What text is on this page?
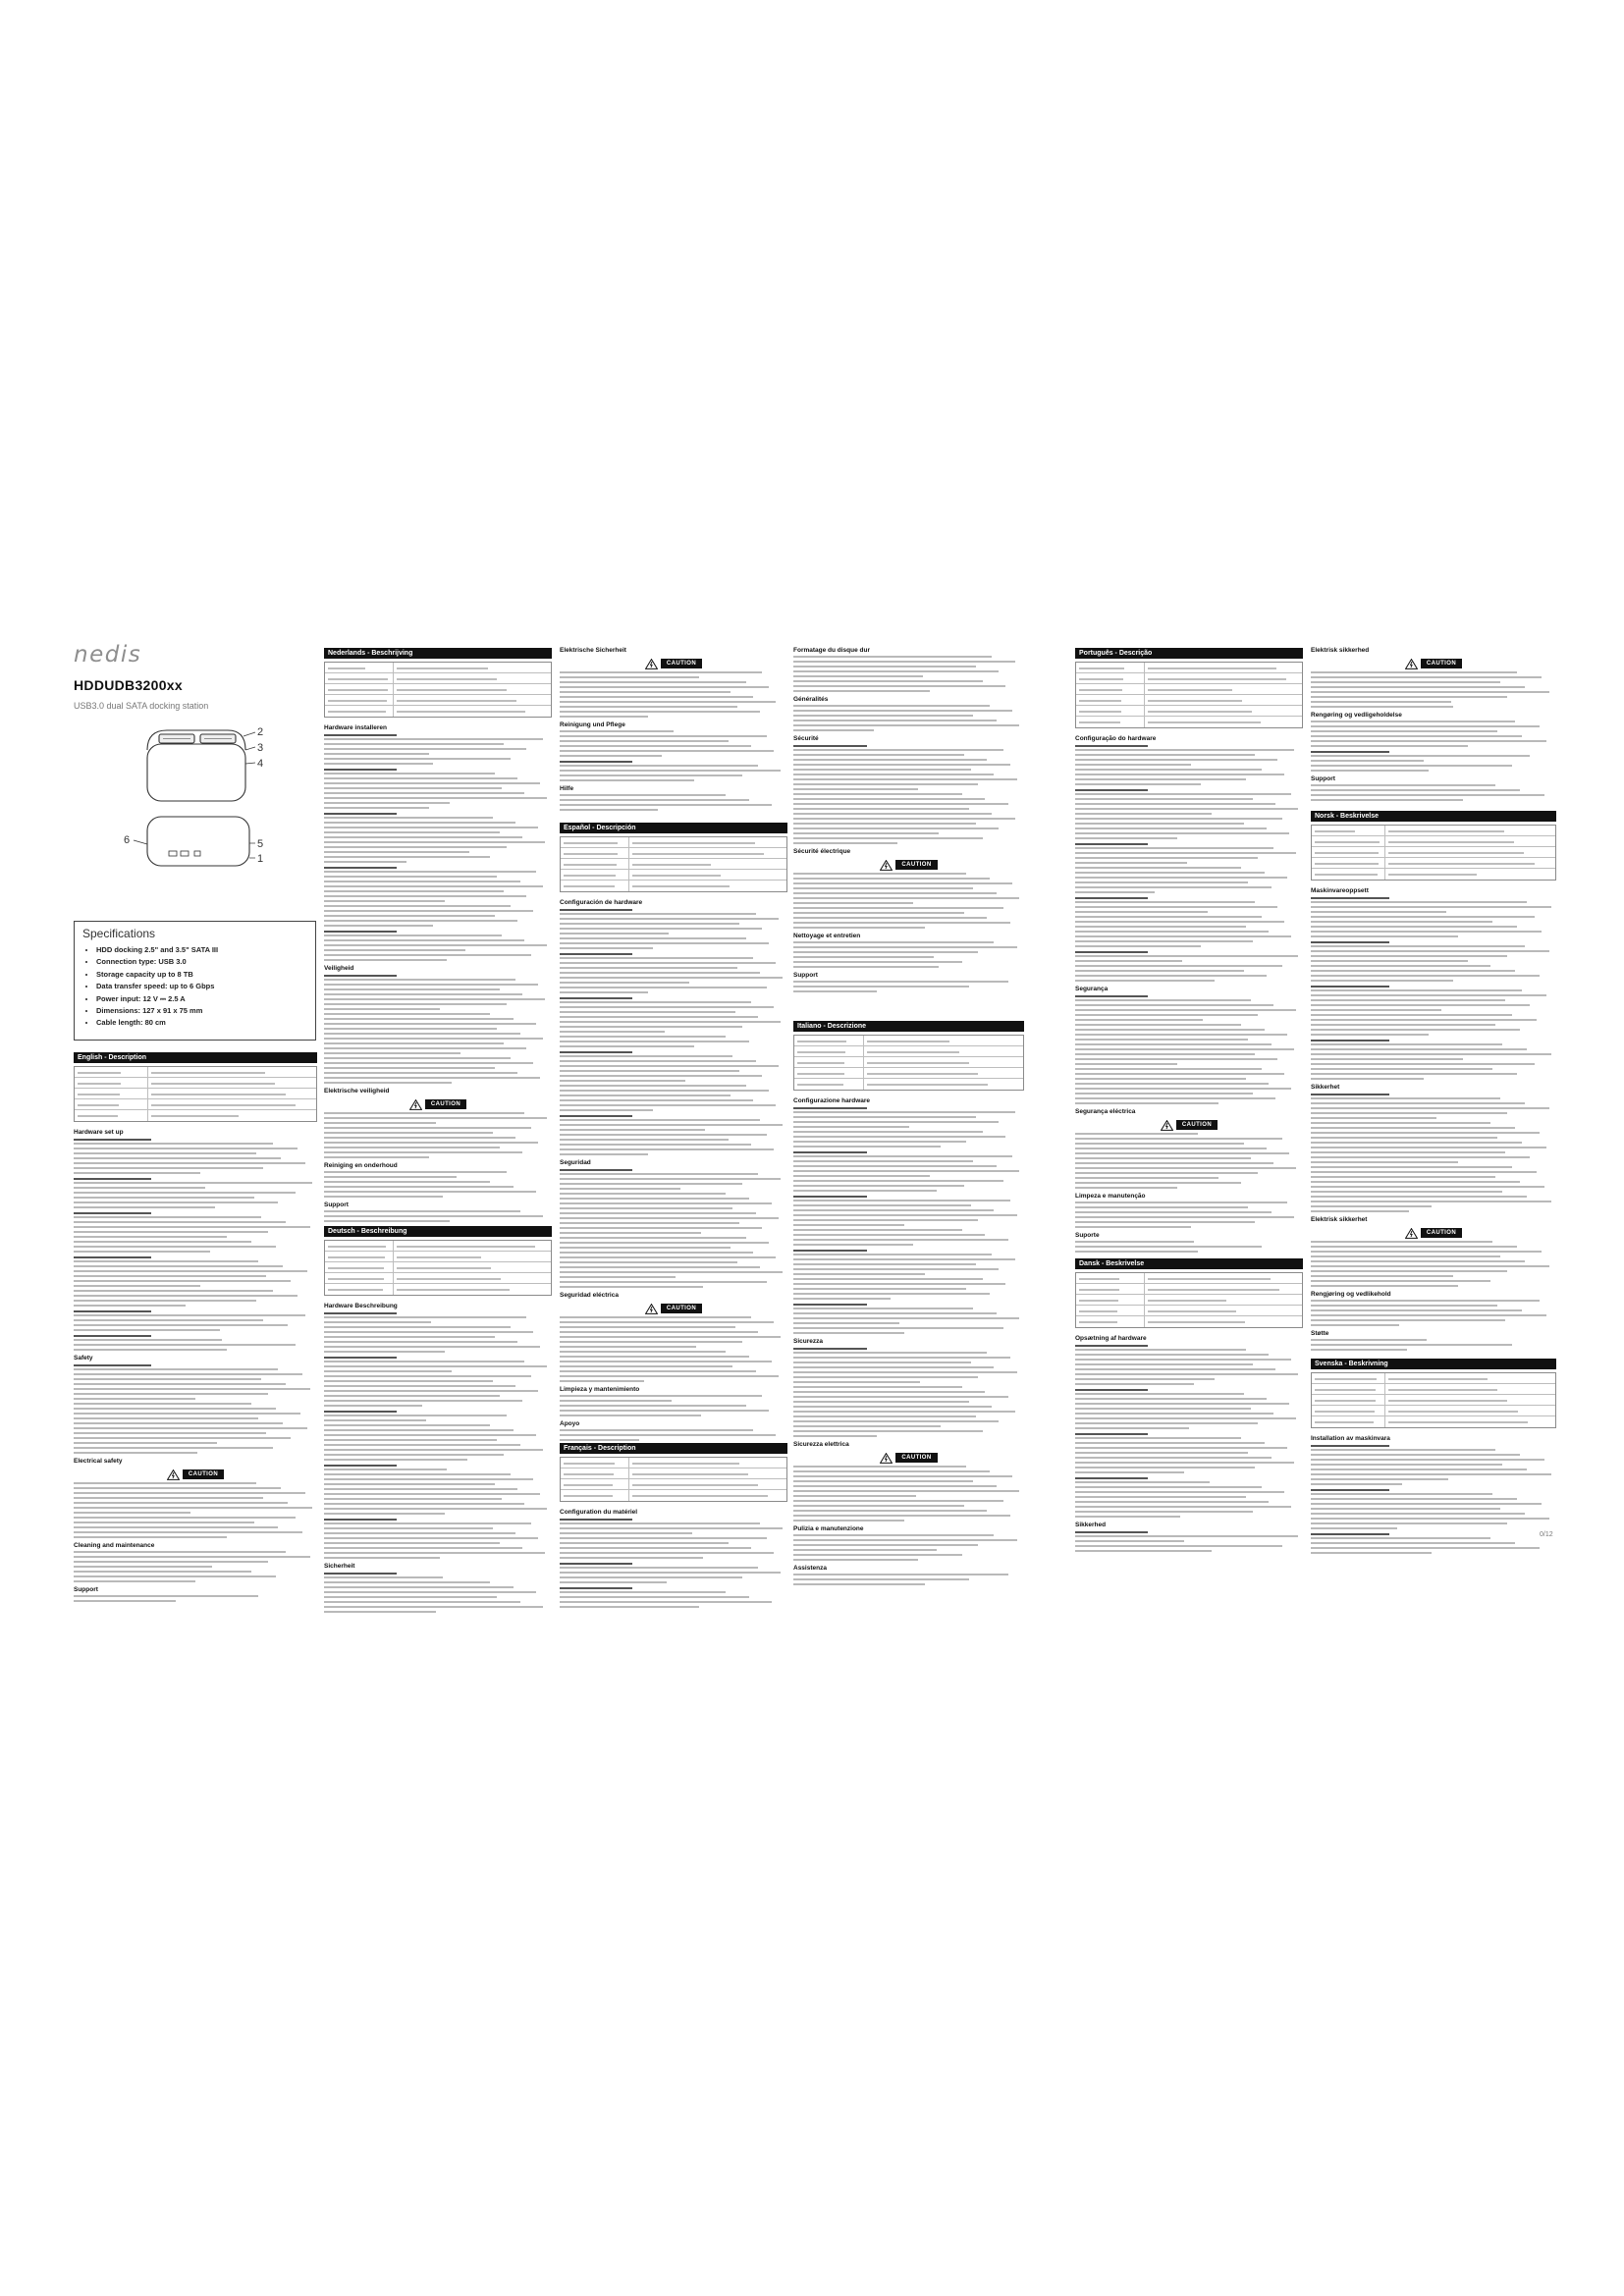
nedis
HDDUDB3200xx
USB3.0 dual SATA docking station
2
3
4
6	5
1
Specifications
• HDD docking 2.5" and 3.5" SATA III
• Connection type: USB 3.0
• Storage capacity up to 8 TB
• Data transfer speed: up to 6 Gbps
• Power input: 12 V ⎓ 2.5 A
• Dimensions: 127 x 91 x 75 mm
• Cable length: 80 cm
English - Description
Hardware set up
Safety
Electrical safety
CAUTION
Cleaning and maintenance
Support
Nederlands - Beschrijving
Hardware installeren
Veiligheid
Elektrische veiligheid
CAUTION
Reiniging en onderhoud
Support
Deutsch - Beschreibung
Hardware Beschreibung
Sicherheit
Elektrische Sicherheit
CAUTION
Reinigung und Pflege
Hilfe
Español - Descripción
Configuración de hardware
Seguridad
Seguridad eléctrica
CAUTION
Limpieza y mantenimiento
Apoyo
Français - Description
Configuration du matériel
Formatage du disque dur
Généralités
Sécurité
Sécurité électrique
CAUTION
Nettoyage et entretien
Support
Italiano - Descrizione
Configurazione hardware
Sicurezza
Sicurezza elettrica
CAUTION
Pulizia e manutenzione
Assistenza
Português - Descrição
Configuração do hardware
Segurança
Segurança eléctrica
CAUTION
Limpeza e manutenção
Suporte
Dansk - Beskrivelse
Opsætning af hardware
Sikkerhed
Elektrisk sikkerhed
CAUTION
Rengøring og vedligeholdelse
Support
Norsk - Beskrivelse
Maskinvareoppsett
Sikkerhet
Elektrisk sikkerhet
CAUTION
Rengjøring og vedlikehold
Støtte
Svenska - Beskrivning
Installation av maskinvara
0/12
